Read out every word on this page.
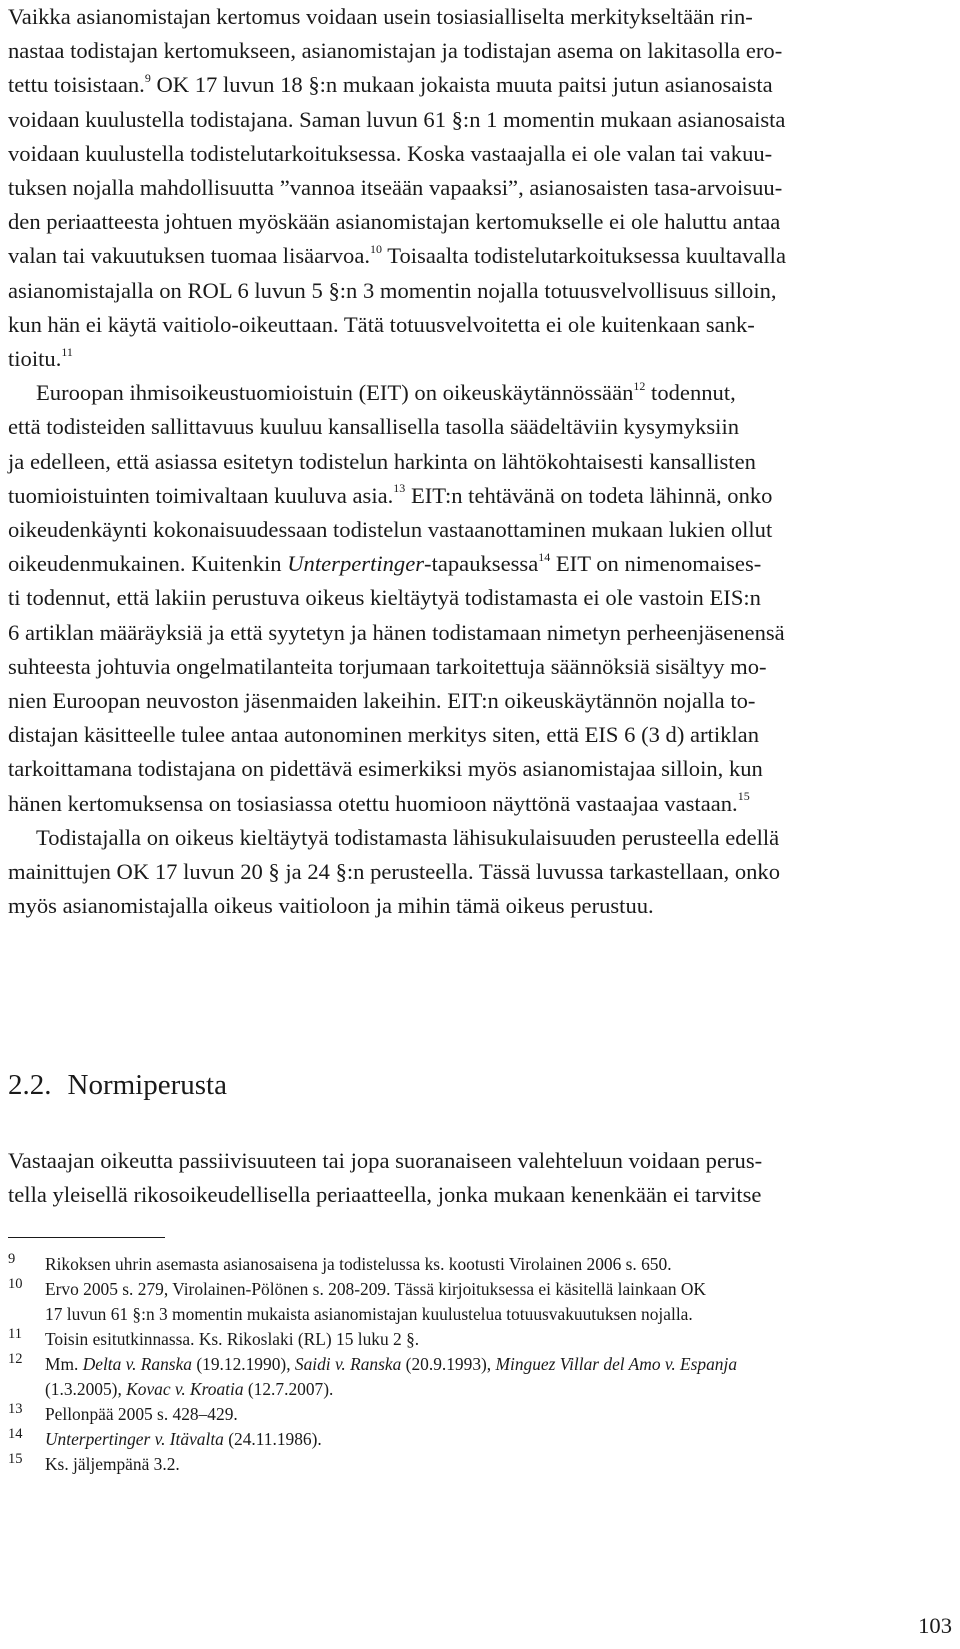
Vaikka asianomistajan kertomus voidaan usein tosiasialliselta merkitykseltään rin-
nastaa todistajan kertomukseen, asianomistajan ja todistajan asema on lakitasolla ero-
tettu toisistaan.$^9$ OK 17 luvun 18 §:n mukaan jokaista muuta paitsi jutun asianosaista
voidaan kuulustella todistajana. Saman luvun 61 §:n 1 momentin mukaan asianosaista
voidaan kuulustella todistelutarkoituksessa. Koska vastaajalla ei ole valan tai vakuu-
tuksen nojalla mahdollisuutta ”vannoa itseään vapaaksi”, asianosaisten tasa-arvoisuu-
den periaatteesta johtuen myöskään asianomistajan kertomukselle ei ole haluttu antaa
valan tai vakuutuksen tuomaa lisäarvoa.$^{10}$ Toisaalta todistelutarkoituksessa kuultavalla
asianomistajalla on ROL 6 luvun 5 §:n 3 momentin nojalla totuusvelvollisuus silloin,
kun hän ei käytä vaitiolo-oikeuttaan. Tätä totuusvelvoitetta ei ole kuitenkaan sank-
tioitu.$^{11}$

Euroopan ihmisoikeustuomioistuin (EIT) on oikeuskäytännössään$^{12}$ todennut,
että todisteiden sallittavuus kuuluu kansallisella tasolla säädeltäviin kysymyksiin
ja edelleen, että asiassa esitetyn todistelun harkinta on lähtökohtaisesti kansallisten
tuomioistuinten toimivaltaan kuuluva asia.$^{13}$ EIT:n tehtävänä on todeta lähinnä, onko
oikeudenkäynti kokonaisuudessaan todistelun vastaanottaminen mukaan lukien ollut
oikeudenmukainen. Kuitenkin Unterpertinger-tapauksessa$^{14}$ EIT on nimenomaises-
ti todennut, että lakiin perustuva oikeus kieltäytyä todistamasta ei ole vastoin EIS:n
6 artiklan määräyksiä ja että syytetyn ja hänen todistamaan nimetyn perheenjäsenensä
suhteesta johtuvia ongelmatilanteita torjumaan tarkoitettuja säännöksiä sisältyy mo-
nien Euroopan neuvoston jäsenmaiden lakeihin. EIT:n oikeuskäytännön nojalla to-
distajan käsitteelle tulee antaa autonominen merkitys siten, että EIS 6 (3 d) artiklan
tarkoittamana todistajana on pidettävä esimerkiksi myös asianomistajaa silloin, kun
hänen kertomuksensa on tosiasiassa otettu huomioon näyttönä vastaajaa vastaan.$^{15}$

Todistajalla on oikeus kieltäytyä todistamasta lähisukulaisuuden perusteella edellä
mainittujen OK 17 luvun 20 § ja 24 §:n perusteella. Tässä luvussa tarkastellaan, onko
myös asianomistajalla oikeus vaitioloon ja mihin tämä oikeus perustuu.

2.2. Normiperusta

Vastaajan oikeutta passiivisuuteen tai jopa suoranaiseen valehteluun voidaan perus-
tella yleisellä rikosoikeudellisella periaatteella, jonka mukaan kenenkään ei tarvitse

9	Rikoksen uhrin asemasta asianosaisena ja todistelussa ks. kootusti Virolainen 2006 s. 650.
10	Ervo 2005 s. 279, Virolainen-Pölönen s. 208-209. Tässä kirjoituksessa ei käsitellä lainkaan OK
17 luvun 61 §:n 3 momentin mukaista asianomistajan kuulustelua totuusvakuutuksen nojalla.
11	Toisin esitutkinnassa. Ks. Rikoslaki (RL) 15 luku 2 §.
12	Mm. Delta v. Ranska (19.12.1990), Saidi v. Ranska (20.9.1993), Minguez Villar del Amo v. Espanja
(1.3.2005), Kovac v. Kroatia (12.7.2007).
13	Pellonpää 2005 s. 428–429.
14	Unterpertinger v. Itävalta (24.11.1986).
15	Ks. jäljempänä 3.2.
103
